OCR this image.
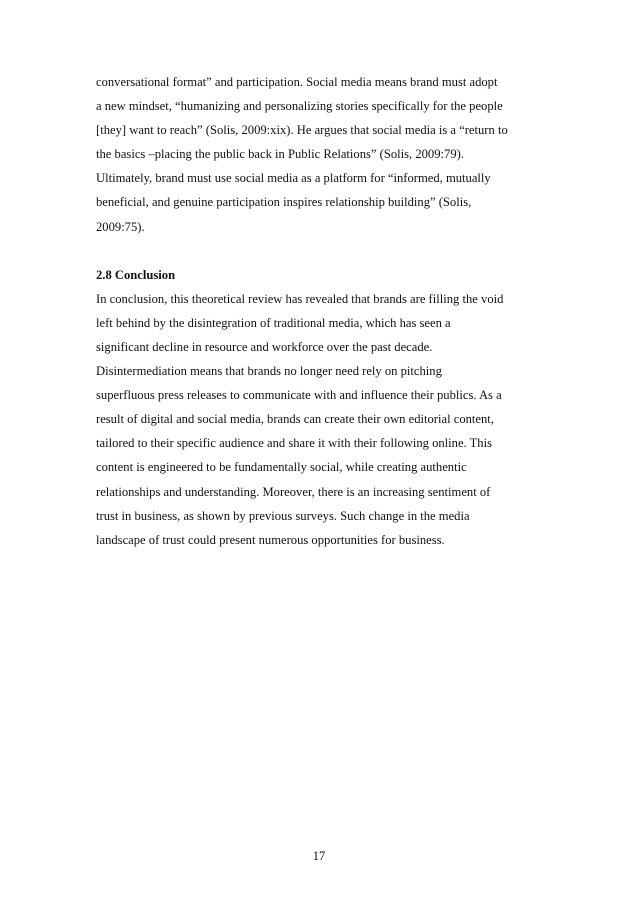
conversational format” and participation. Social media means brand must adopt
a new mindset, “humanizing and personalizing stories specifically for the people
[they] want to reach” (Solis, 2009:xix). He argues that social media is a “return to
the basics –placing the public back in Public Relations” (Solis, 2009:79).
Ultimately, brand must use social media as a platform for “informed, mutually
beneficial, and genuine participation inspires relationship building” (Solis,
2009:75).
2.8 Conclusion
In conclusion, this theoretical review has revealed that brands are filling the void
left behind by the disintegration of traditional media, which has seen a
significant decline in resource and workforce over the past decade.
Disintermediation means that brands no longer need rely on pitching
superfluous press releases to communicate with and influence their publics. As a
result of digital and social media, brands can create their own editorial content,
tailored to their specific audience and share it with their following online. This
content is engineered to be fundamentally social, while creating authentic
relationships and understanding. Moreover, there is an increasing sentiment of
trust in business, as shown by previous surveys. Such change in the media
landscape of trust could present numerous opportunities for business.
17
